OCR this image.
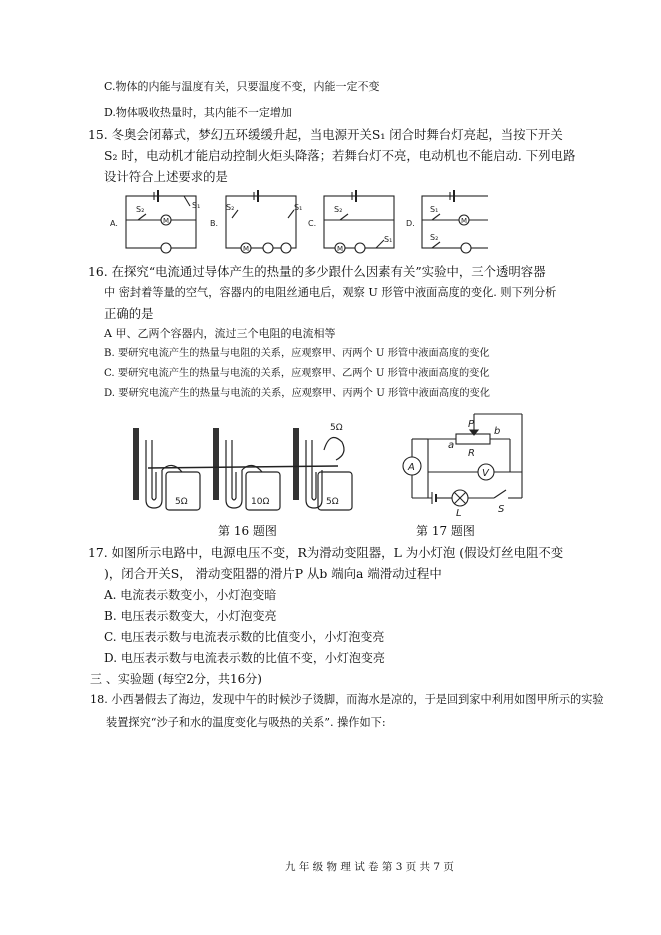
C.物体的内能与温度有关，只要温度不变，内能一定不变
D.物体吸收热量时，其内能不一定增加
15. 冬奥会闭幕式，梦幻五环缓缓升起，当电源开关S₁ 闭合时舞台灯亮起，当按下开关
S₂ 时，电动机才能启动控制火炬头降落；若舞台灯不亮，电动机也不能启动. 下列电路
设计符合上述要求的是
A.
S₂	S₁
M	B.
S₂	S₁
M
C.
S₂
S₁
M
D.
S₁
S₂
M
16. 在探究“电流通过导体产生的热量的多少跟什么因素有关”实验中，三个透明容器
中 密封着等量的空气，容器内的电阻丝通电后，观察 U 形管中液面高度的变化. 则下列分析
正确的是
A 甲、乙两个容器内，流过三个电阻的电流相等
B. 要研究电流产生的热量与电阻的关系，应观察甲、丙两个 U 形管中液面高度的变化
C. 要研究电流产生的热量与电流的关系，应观察甲、乙两个 U 形管中液面高度的变化
D. 要研究电流产生的热量与电流的关系，应观察甲、丙两个 U 形管中液面高度的变化
5Ω	10Ω
5Ω
5Ω
第 16 题图
P
a
b
R
A
V
L	S
第 17 题图
17. 如图所示电路中，电源电压不变，R为滑动变阻器，L 为小灯泡 (假设灯丝电阻不变
)，闭合开关S， 滑动变阻器的滑片P 从b 端向a 端滑动过程中
A. 电流表示数变小，小灯泡变暗
B. 电压表示数变大，小灯泡变亮
C. 电压表示数与电流表示数的比值变小，小灯泡变亮
D. 电压表示数与电流表示数的比值不变，小灯泡变亮
三 、实验题 (每空2分，共16分)
18. 小西暑假去了海边，发现中午的时候沙子烫脚，而海水是凉的，于是回到家中利用如图甲所示的实验
装置探究“沙子和水的温度变化与吸热的关系”. 操作如下:
九 年 级 物 理 试 卷 第 3 页 共 7 页
